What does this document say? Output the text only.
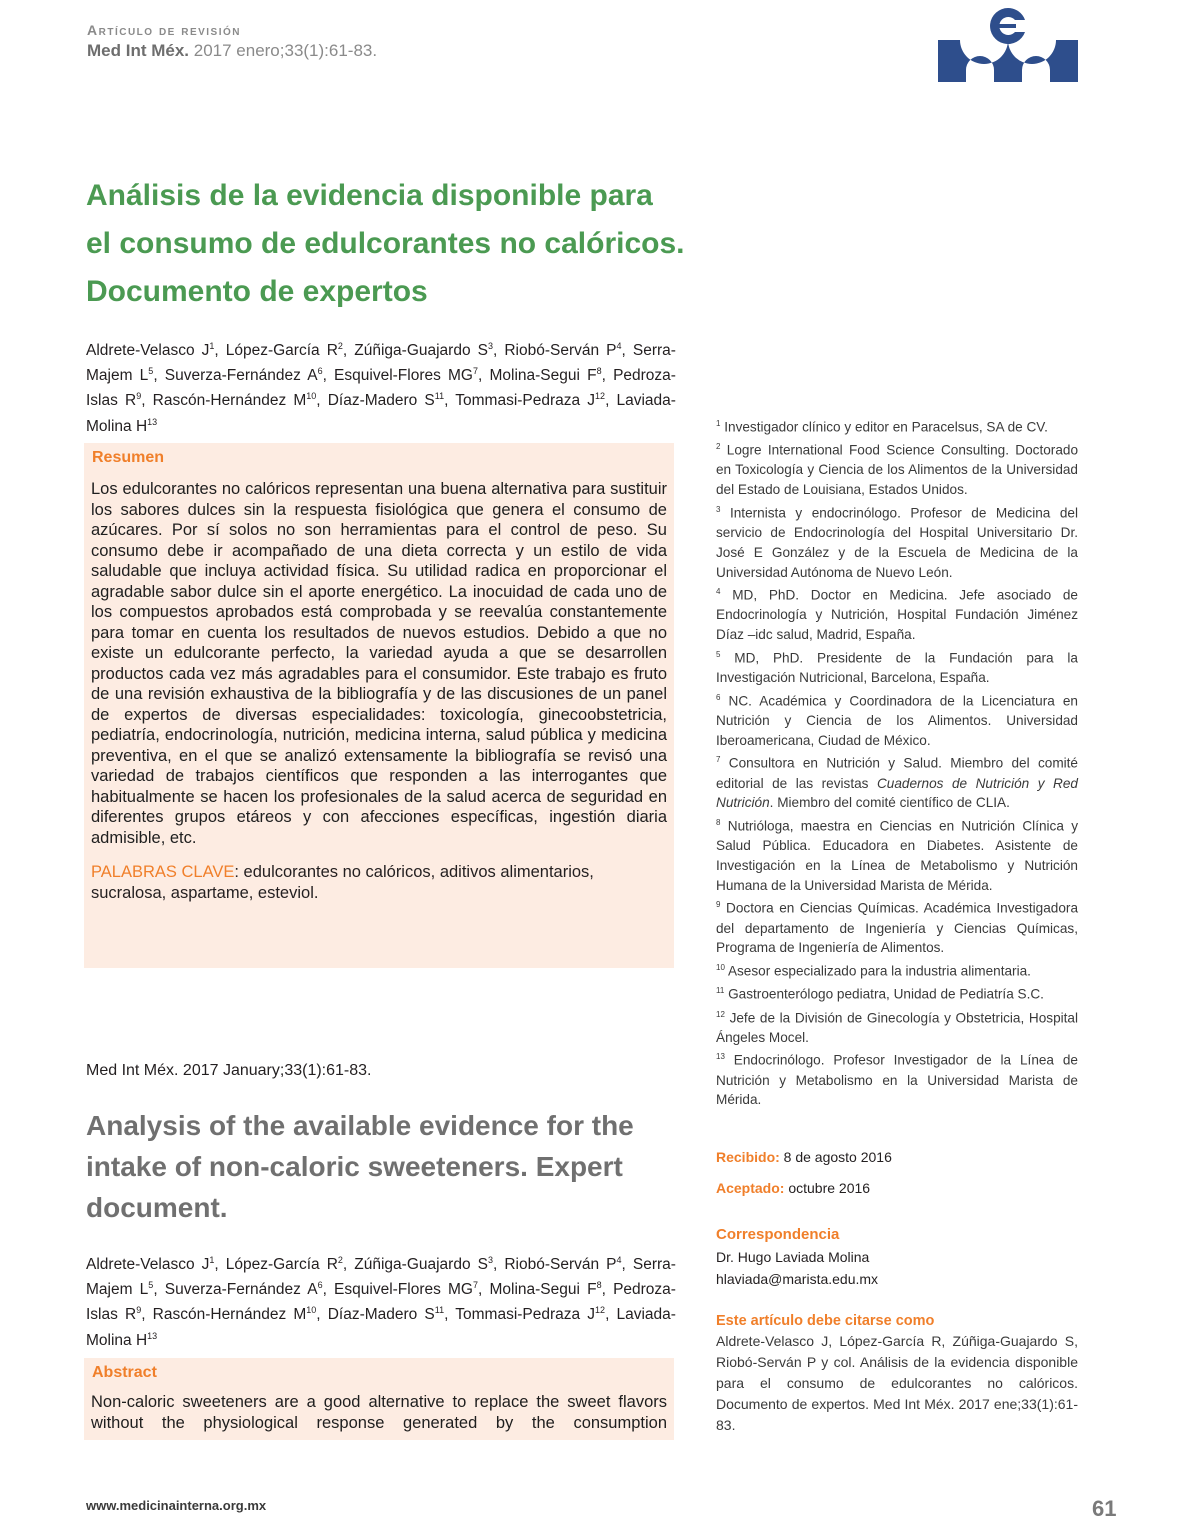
Artículo de revisión
Med Int Méx. 2017 enero;33(1):61-83.
Análisis de la evidencia disponible para el consumo de edulcorantes no calóricos. Documento de expertos
Aldrete-Velasco $J^1$, López-García $R^2$, Zúñiga-Guajardo $S^3$, Riobó-Serván $P^4$, Serra-Majem $L^5$, Suverza-Fernández $A^6$, Esquivel-Flores $MG^7$, Molina-Segui $F^8$, Pedroza-Islas $R^9$, Rascón-Hernández $M^{10}$, Díaz-Madero $S^{11}$, Tommasi-Pedraza $J^{12}$, Laviada-Molina $H^{13}$
Resumen
Los edulcorantes no calóricos representan una buena alternativa para sustituir los sabores dulces sin la respuesta fisiológica que genera el consumo de azúcares. Por sí solos no son herramientas para el control de peso. Su consumo debe ir acompañado de una dieta correcta y un estilo de vida saludable que incluya actividad física. Su utilidad radica en proporcionar el agradable sabor dulce sin el aporte energético. La inocuidad de cada uno de los compuestos aprobados está comprobada y se reevalúa constantemente para tomar en cuenta los resultados de nuevos estudios. Debido a que no existe un edulcorante perfecto, la variedad ayuda a que se desarrollen productos cada vez más agradables para el consumidor. Este trabajo es fruto de una revisión exhaustiva de la bibliografía y de las discusiones de un panel de expertos de diversas especialidades: toxicología, ginecoobstetricia, pediatría, endocrinología, nutrición, medicina interna, salud pública y medicina preventiva, en el que se analizó extensamente la bibliografía se revisó una variedad de trabajos científicos que responden a las interrogantes que habitualmente se hacen los profesionales de la salud acerca de seguridad en diferentes grupos etáreos y con afecciones específicas, ingestión diaria admisible, etc.
PALABRAS CLAVE: edulcorantes no calóricos, aditivos alimentarios, sucralosa, aspartame, esteviol.
Med Int Méx. 2017 January;33(1):61-83.
Analysis of the available evidence for the intake of non-caloric sweeteners. Expert document.
Aldrete-Velasco $J^1$, López-García $R^2$, Zúñiga-Guajardo $S^3$, Riobó-Serván $P^4$, Serra-Majem $L^5$, Suverza-Fernández $A^6$, Esquivel-Flores $MG^7$, Molina-Segui $F^8$, Pedroza-Islas $R^9$, Rascón-Hernández $M^{10}$, Díaz-Madero $S^{11}$, Tommasi-Pedraza $J^{12}$, Laviada-Molina $H^{13}$
Abstract
Non-caloric sweeteners are a good alternative to replace the sweet flavors without the physiological response generated by the consumption

$^1$ Investigador clínico y editor en Paracelsus, SA de CV.

$^2$ Logre International Food Science Consulting. Doctorado en Toxicología y Ciencia de los Alimentos de la Universidad del Estado de Louisiana, Estados Unidos.

$^3$ Internista y endocrinólogo. Profesor de Medicina del servicio de Endocrinología del Hospital Universitario Dr. José E González y de la Escuela de Medicina de la Universidad Autónoma de Nuevo León.

$^4$ MD, PhD. Doctor en Medicina. Jefe asociado de Endocrinología y Nutrición, Hospital Fundación Jiménez Díaz –idc salud, Madrid, España.

$^5$ MD, PhD. Presidente de la Fundación para la Investigación Nutricional, Barcelona, España.

$^6$ NC. Académica y Coordinadora de la Licenciatura en Nutrición y Ciencia de los Alimentos. Universidad Iberoamericana, Ciudad de México.

$^7$ Consultora en Nutrición y Salud. Miembro del comité editorial de las revistas Cuadernos de Nutrición y Red Nutrición. Miembro del comité científico de CLIA.

$^8$ Nutrióloga, maestra en Ciencias en Nutrición Clínica y Salud Pública. Educadora en Diabetes. Asistente de Investigación en la Línea de Metabolismo y Nutrición Humana de la Universidad Marista de Mérida.

$^9$ Doctora en Ciencias Químicas. Académica Investigadora del departamento de Ingeniería y Ciencias Químicas, Programa de Ingeniería de Alimentos.

$^{10}$ Asesor especializado para la industria alimentaria.

$^{11}$ Gastroenterólogo pediatra, Unidad de Pediatría S.C.

$^{12}$ Jefe de la División de Ginecología y Obstetricia, Hospital Ángeles Mocel.

$^{13}$ Endocrinólogo. Profesor Investigador de la Línea de Nutrición y Metabolismo en la Universidad Marista de Mérida.

Recibido: 8 de agosto 2016
Aceptado: octubre 2016
Correspondencia
Dr. Hugo Laviada Molina
hlaviada@marista.edu.mx
Este artículo debe citarse como
Aldrete-Velasco J, López-García R, Zúñiga-Guajardo S, Riobó-Serván P y col. Análisis de la evidencia disponible para el consumo de edulcorantes no calóricos. Documento de expertos. Med Int Méx. 2017 ene;33(1):61-83.
www.medicinainterna.org.mx	61
